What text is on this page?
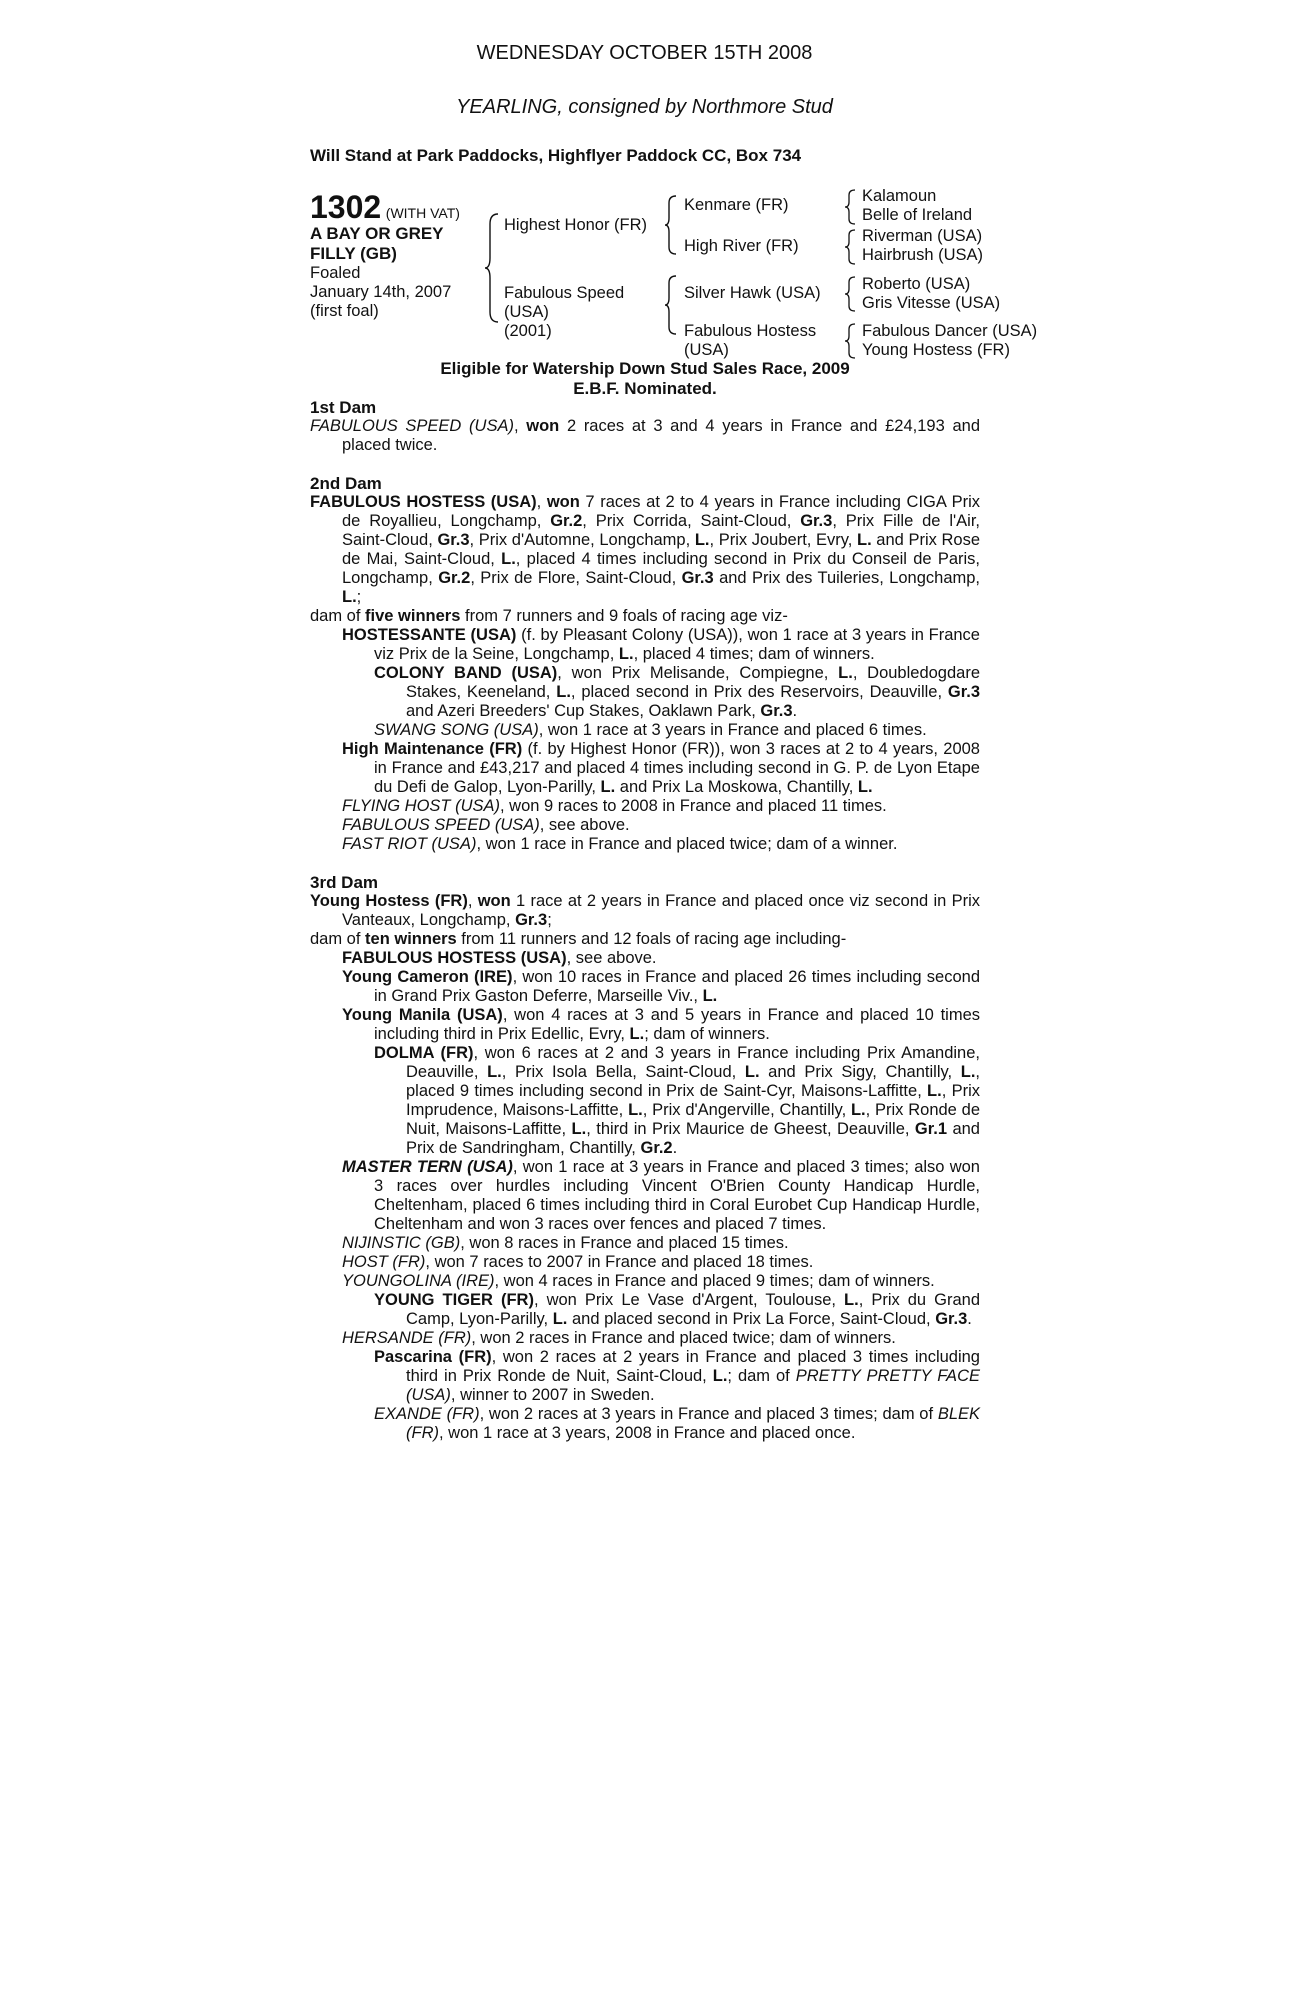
WEDNESDAY OCTOBER 15TH 2008
YEARLING, consigned by Northmore Stud
Will Stand at Park Paddocks, Highflyer Paddock CC, Box 734
1302 (WITH VAT)
A BAY OR GREY
FILLY (GB)
Foaled
January 14th, 2007
(first foal)
Highest Honor (FR)
Fabulous Speed
(USA)
(2001)
Kenmare (FR)
High River (FR)
Silver Hawk (USA)
Fabulous Hostess
(USA)
Kalamoun
Belle of Ireland
Riverman (USA)
Hairbrush (USA)
Roberto (USA)
Gris Vitesse (USA)
Fabulous Dancer (USA)
Young Hostess (FR)
Eligible for Watership Down Stud Sales Race, 2009
E.B.F. Nominated.
1st Dam

FABULOUS SPEED (USA), won 2 races at 3 and 4 years in France and £24,193 and placed twice.

2nd Dam

FABULOUS HOSTESS (USA), won 7 races at 2 to 4 years in France including CIGA Prix de Royallieu, Longchamp, Gr.2, Prix Corrida, Saint-Cloud, Gr.3, Prix Fille de l'Air, Saint-Cloud, Gr.3, Prix d'Automne, Longchamp, L., Prix Joubert, Evry, L. and Prix Rose de Mai, Saint-Cloud, L., placed 4 times including second in Prix du Conseil de Paris, Longchamp, Gr.2, Prix de Flore, Saint-Cloud, Gr.3 and Prix des Tuileries, Longchamp, L.;

dam of five winners from 7 runners and 9 foals of racing age viz-

HOSTESSANTE (USA) (f. by Pleasant Colony (USA)), won 1 race at 3 years in France viz Prix de la Seine, Longchamp, L., placed 4 times; dam of winners.

COLONY BAND (USA), won Prix Melisande, Compiegne, L., Doubledogdare Stakes, Keeneland, L., placed second in Prix des Reservoirs, Deauville, Gr.3 and Azeri Breeders' Cup Stakes, Oaklawn Park, Gr.3.

SWANG SONG (USA), won 1 race at 3 years in France and placed 6 times.

High Maintenance (FR) (f. by Highest Honor (FR)), won 3 races at 2 to 4 years, 2008 in France and £43,217 and placed 4 times including second in G. P. de Lyon Etape du Defi de Galop, Lyon-Parilly, L. and Prix La Moskowa, Chantilly, L.

FLYING HOST (USA), won 9 races to 2008 in France and placed 11 times.

FABULOUS SPEED (USA), see above.

FAST RIOT (USA), won 1 race in France and placed twice; dam of a winner.

3rd Dam

Young Hostess (FR), won 1 race at 2 years in France and placed once viz second in Prix Vanteaux, Longchamp, Gr.3;

dam of ten winners from 11 runners and 12 foals of racing age including-

FABULOUS HOSTESS (USA), see above.

Young Cameron (IRE), won 10 races in France and placed 26 times including second in Grand Prix Gaston Deferre, Marseille Viv., L.

Young Manila (USA), won 4 races at 3 and 5 years in France and placed 10 times including third in Prix Edellic, Evry, L.; dam of winners.

DOLMA (FR), won 6 races at 2 and 3 years in France including Prix Amandine, Deauville, L., Prix Isola Bella, Saint-Cloud, L. and Prix Sigy, Chantilly, L., placed 9 times including second in Prix de Saint-Cyr, Maisons-Laffitte, L., Prix Imprudence, Maisons-Laffitte, L., Prix d'Angerville, Chantilly, L., Prix Ronde de Nuit, Maisons-Laffitte, L., third in Prix Maurice de Gheest, Deauville, Gr.1 and Prix de Sandringham, Chantilly, Gr.2.

MASTER TERN (USA), won 1 race at 3 years in France and placed 3 times; also won 3 races over hurdles including Vincent O'Brien County Handicap Hurdle, Cheltenham, placed 6 times including third in Coral Eurobet Cup Handicap Hurdle, Cheltenham and won 3 races over fences and placed 7 times.

NIJINSTIC (GB), won 8 races in France and placed 15 times.

HOST (FR), won 7 races to 2007 in France and placed 18 times.

YOUNGOLINA (IRE), won 4 races in France and placed 9 times; dam of winners.

YOUNG TIGER (FR), won Prix Le Vase d'Argent, Toulouse, L., Prix du Grand Camp, Lyon-Parilly, L. and placed second in Prix La Force, Saint-Cloud, Gr.3.

HERSANDE (FR), won 2 races in France and placed twice; dam of winners.

Pascarina (FR), won 2 races at 2 years in France and placed 3 times including third in Prix Ronde de Nuit, Saint-Cloud, L.; dam of PRETTY PRETTY FACE (USA), winner to 2007 in Sweden.

EXANDE (FR), won 2 races at 3 years in France and placed 3 times; dam of BLEK (FR), won 1 race at 3 years, 2008 in France and placed once.
